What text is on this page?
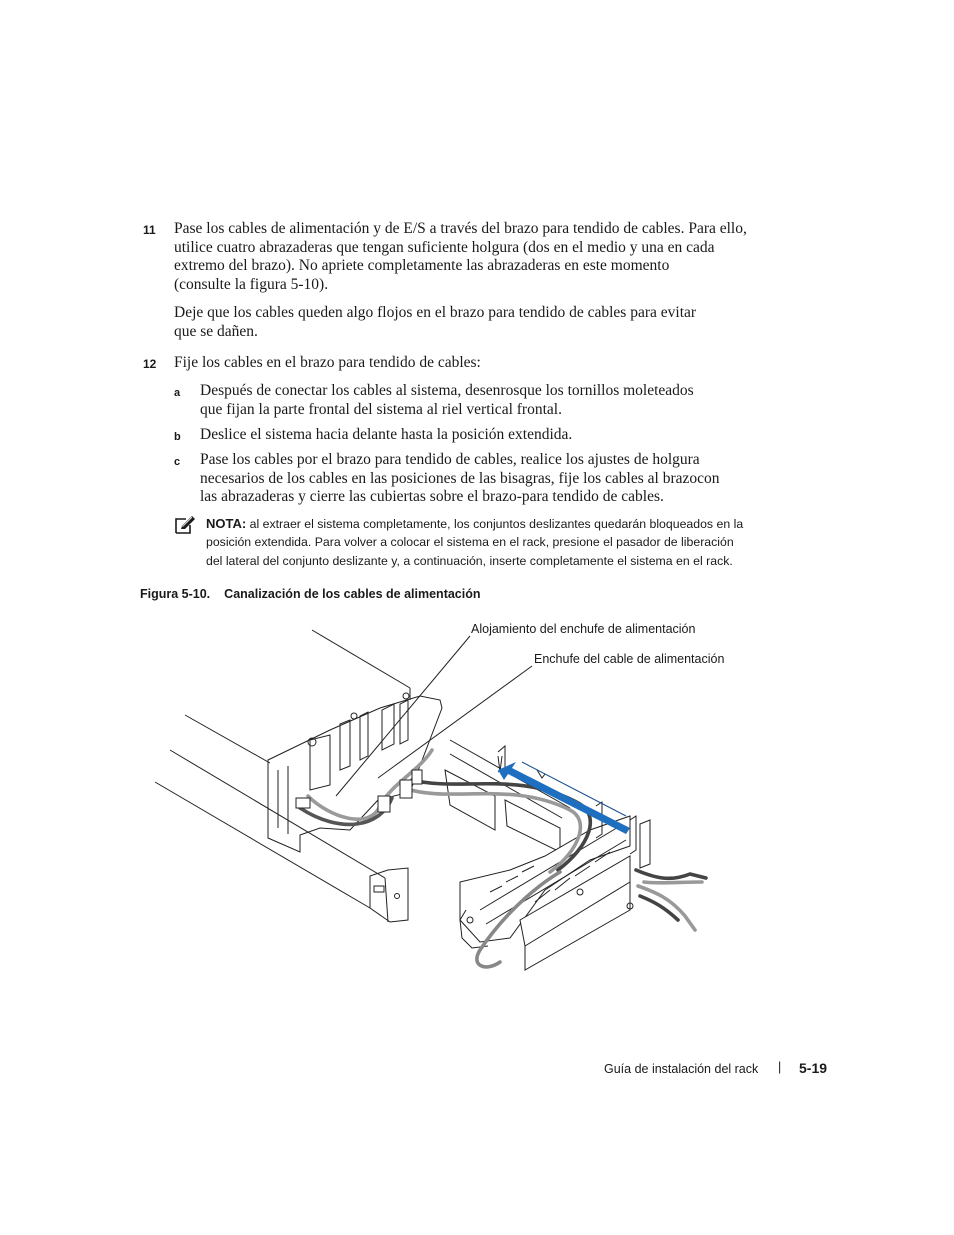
11 Pase los cables de alimentación y de E/S a través del brazo para tendido de cables. Para ello,
utilice cuatro abrazaderas que tengan suficiente holgura (dos en el medio y una en cada
extremo del brazo). No apriete completamente las abrazaderas en este momento
(consulte la figura 5-10).
Deje que los cables queden algo flojos en el brazo para tendido de cables para evitar
que se dañen.
12 Fije los cables en el brazo para tendido de cables:
a Después de conectar los cables al sistema, desenrosque los tornillos moleteados
que fijan la parte frontal del sistema al riel vertical frontal.
b Deslice el sistema hacia delante hasta la posición extendida.
c Pase los cables por el brazo para tendido de cables, realice los ajustes de holgura
necesarios de los cables en las posiciones de las bisagras, fije los cables al brazocon
las abrazaderas y cierre las cubiertas sobre el brazo-para tendido de cables.
NOTA: al extraer el sistema completamente, los conjuntos deslizantes quedarán bloqueados en la
posición extendida. Para volver a colocar el sistema en el rack, presione el pasador de liberación
del lateral del conjunto deslizante y, a continuación, inserte completamente el sistema en el rack.
Figura 5-10. Canalización de los cables de alimentación
Alojamiento del enchufe de alimentación
Enchufe del cable de alimentación
Guía de instalación del rack | 5-19
